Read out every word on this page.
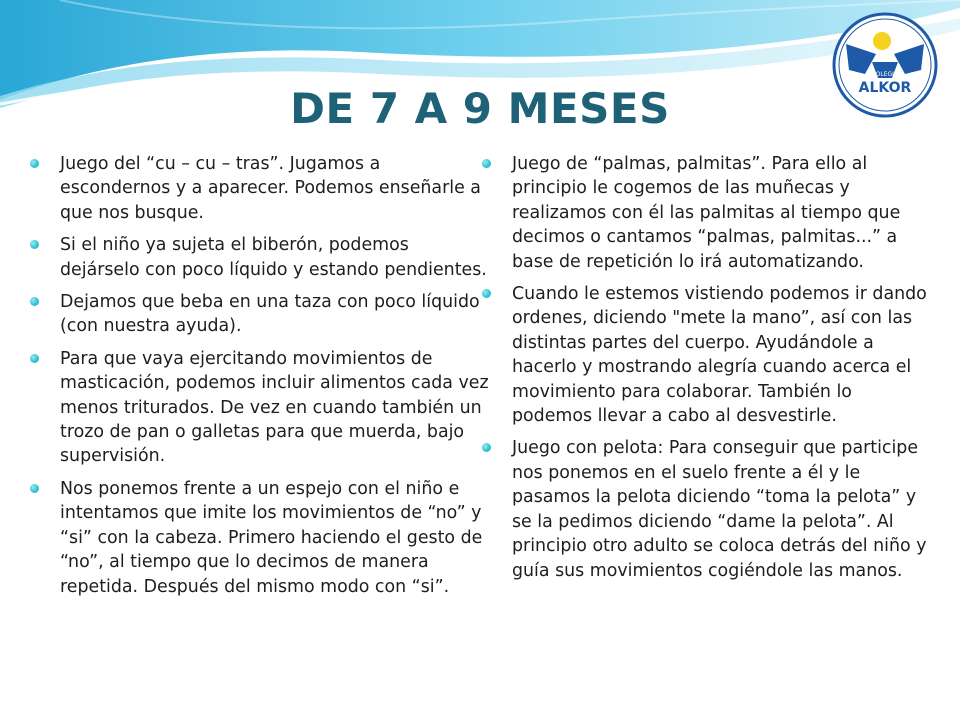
COLEGIO
ALKOR
DE 7 A 9 MESES
Juego del “cu – cu – tras”. Jugamos a escondernos y a aparecer. Podemos enseñarle a que nos busque.
Si el niño ya sujeta el biberón, podemos dejárselo con poco líquido y estando pendientes.
Dejamos que beba en una taza con poco líquido (con nuestra ayuda).
Para que vaya ejercitando movimientos de masticación, podemos incluir alimentos cada vez menos triturados. De vez en cuando también un trozo de pan o galletas para que muerda, bajo supervisión.
Nos ponemos frente a un espejo con el niño e intentamos que imite los movimientos de “no” y “si” con la cabeza. Primero haciendo el gesto de “no”, al tiempo que lo decimos de manera repetida. Después del mismo modo con “si”.
Juego de “palmas, palmitas”. Para ello al principio le cogemos de las muñecas y realizamos con él las palmitas al tiempo que decimos o cantamos “palmas, palmitas...” a base de repetición lo irá automatizando.
Cuando le estemos vistiendo podemos ir dando ordenes, diciendo "mete la mano”, así con las distintas partes del cuerpo. Ayudándole a hacerlo y mostrando alegría cuando acerca el movimiento para colaborar. También lo podemos llevar a cabo al desvestirle.
Juego con pelota: Para conseguir que participe nos ponemos en el suelo frente a él y le pasamos la pelota diciendo “toma la pelota” y se la pedimos diciendo “dame la pelota”. Al principio otro adulto se coloca detrás del niño y guía sus movimientos cogiéndole las manos.
